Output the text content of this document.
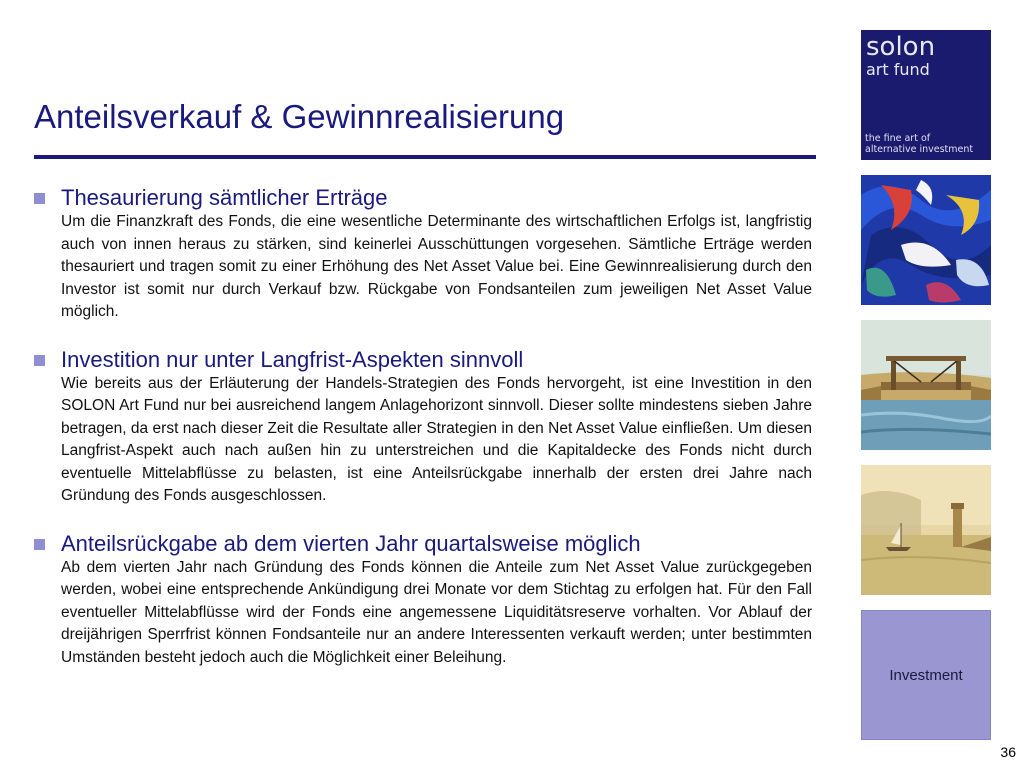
Anteilsverkauf & Gewinnrealisierung
Thesaurierung sämtlicher Erträge
Um die Finanzkraft des Fonds, die eine wesentliche Determinante des wirtschaftlichen Erfolgs ist, langfristig auch von innen heraus zu stärken, sind keinerlei Ausschüttungen vorgesehen. Sämtliche Erträge werden thesauriert und tragen somit zu einer Erhöhung des Net Asset Value bei. Eine Gewinnrealisierung durch den Investor ist somit nur durch Verkauf bzw. Rückgabe von Fondsanteilen zum jeweiligen Net Asset Value möglich.
Investition nur unter Langfrist-Aspekten sinnvoll
Wie bereits aus der Erläuterung der Handels-Strategien des Fonds hervorgeht, ist eine Investition in den SOLON Art Fund nur bei ausreichend langem Anlagehorizont sinnvoll. Dieser sollte mindestens sieben Jahre betragen, da erst nach dieser Zeit die Resultate aller Strategien in den Net Asset Value einfließen. Um diesen Langfrist-Aspekt auch nach außen hin zu unterstreichen und die Kapitaldecke des Fonds nicht durch eventuelle Mittelabflüsse zu belasten, ist eine Anteilsrückgabe innerhalb der ersten drei Jahre nach Gründung des Fonds ausgeschlossen.
Anteilsrückgabe ab dem vierten Jahr quartalsweise möglich
Ab dem vierten Jahr nach Gründung des Fonds können die Anteile zum Net Asset Value zurückgegeben werden, wobei eine entsprechende Ankündigung drei Monate vor dem Stichtag zu erfolgen hat. Für den Fall eventueller Mittelabflüsse wird der Fonds eine angemessene Liquiditätsreserve vorhalten. Vor Ablauf der dreijährigen Sperrfrist können Fondsanteile nur an andere Interessenten verkauft werden; unter bestimmten Umständen besteht jedoch auch die Möglichkeit einer Beleihung.
solon
art fund
the fine art of
alternative investment
Investment
36
